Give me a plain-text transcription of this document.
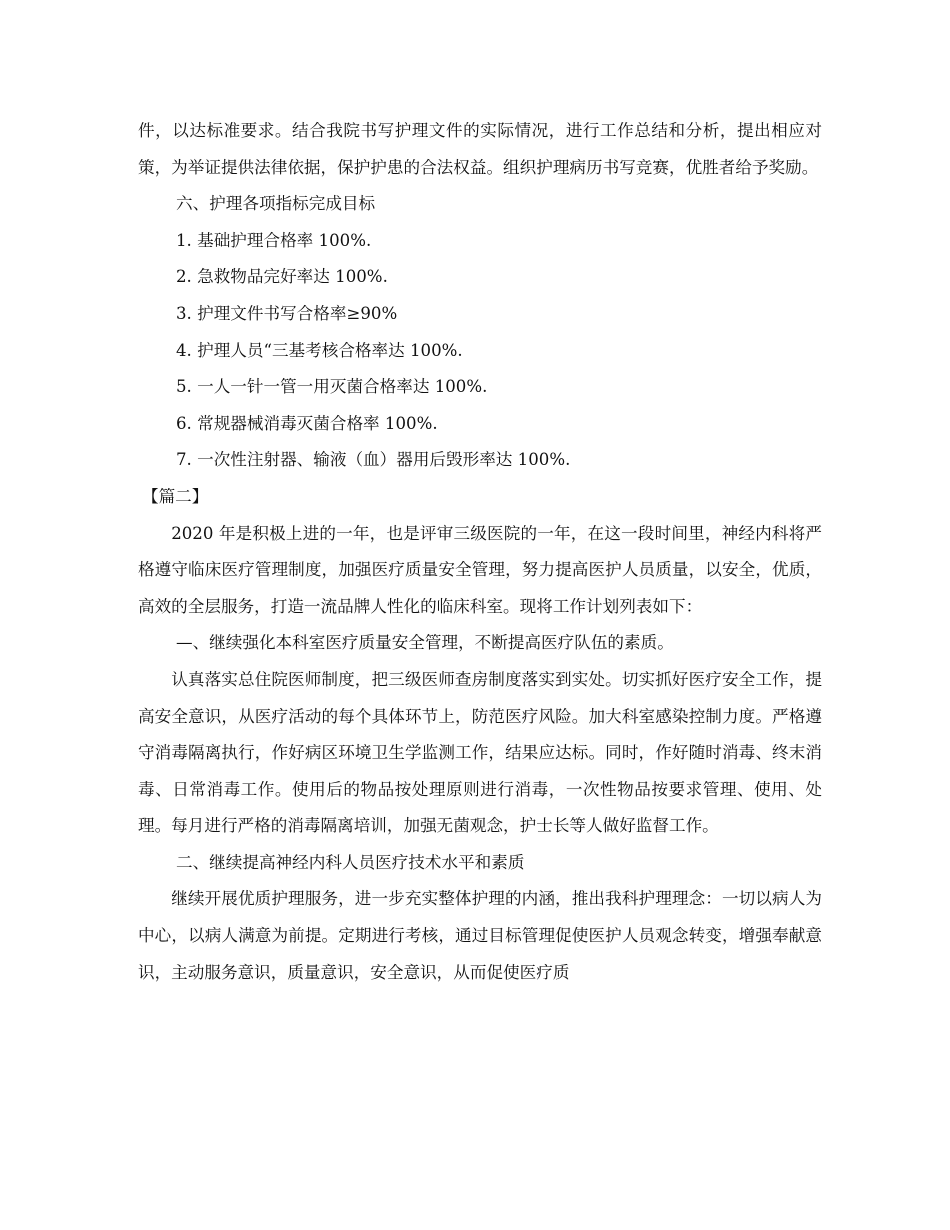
件，以达标准要求。结合我院书写护理文件的实际情况，进行工作总结和分析，提出相应对策，为举证提供法律依据，保护护患的合法权益。组织护理病历书写竞赛，优胜者给予奖励。

六、护理各项指标完成目标

1. 基础护理合格率 100%.

2. 急救物品完好率达 100%.

3. 护理文件书写合格率≥90%

4. 护理人员“三基考核合格率达 100%.

5. 一人一针一管一用灭菌合格率达 100%.

6. 常规器械消毒灭菌合格率 100%.

7. 一次性注射器、输液（血）器用后毁形率达 100%.

【篇二】

2020 年是积极上进的一年，也是评审三级医院的一年，在这一段时间里，神经内科将严格遵守临床医疗管理制度，加强医疗质量安全管理，努力提高医护人员质量，以安全，优质，高效的全层服务，打造一流品牌人性化的临床科室。现将工作计划列表如下：

—、继续强化本科室医疗质量安全管理，不断提高医疗队伍的素质。

认真落实总住院医师制度，把三级医师查房制度落实到实处。切实抓好医疗安全工作，提高安全意识，从医疗活动的每个具体环节上，防范医疗风险。加大科室感染控制力度。严格遵守消毒隔离执行，作好病区环境卫生学监测工作，结果应达标。同时，作好随时消毒、终末消毒、日常消毒工作。使用后的物品按处理原则进行消毒，一次性物品按要求管理、使用、处理。每月进行严格的消毒隔离培训，加强无菌观念，护士长等人做好监督工作。

二、继续提高神经内科人员医疗技术水平和素质

继续开展优质护理服务，进一步充实整体护理的内涵，推出我科护理理念：一切以病人为中心，以病人满意为前提。定期进行考核，通过目标管理促使医护人员观念转变，增强奉献意识，主动服务意识，质量意识，安全意识，从而促使医疗质
